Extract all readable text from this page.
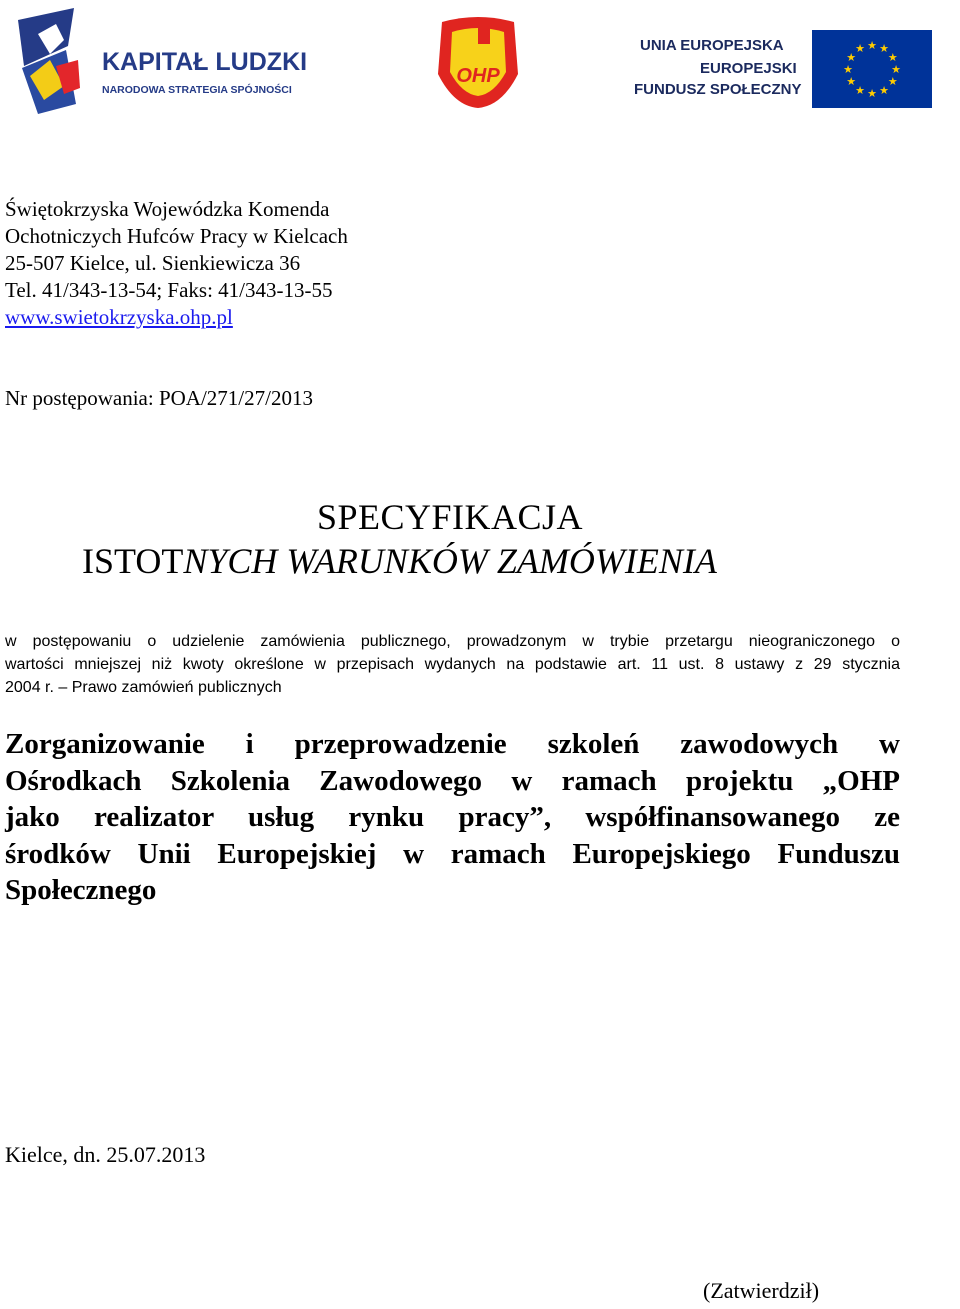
KAPITAŁ LUDZKI
NARODOWA STRATEGIA SPÓJNOŚCI
OHP
UNIA EUROPEJSKA
EUROPEJSKI
FUNDUSZ SPOŁECZNY
★ ★
★
★
★
★
★
★
★
★
★
★
Świętokrzyska Wojewódzka Komenda
Ochotniczych Hufców Pracy w Kielcach
25-507 Kielce, ul. Sienkiewicza 36
Tel. 41/343-13-54; Faks: 41/343-13-55
www.swietokrzyska.ohp.pl
Nr postępowania: POA/271/27/2013
SPECYFIKACJA
ISTOTNYCH WARUNKÓW ZAMÓWIENIA
w postępowaniu o udzielenie zamówienia publicznego, prowadzonym w trybie przetargu nieograniczonego o
wartości mniejszej niż kwoty określone w przepisach wydanych na podstawie art. 11 ust. 8 ustawy z 29 stycznia
2004 r. – Prawo zamówień publicznych
Zorganizowanie i przeprowadzenie szkoleń zawodowych w
Ośrodkach Szkolenia Zawodowego w ramach projektu „OHP
jako realizator usług rynku pracy”, współfinansowanego ze
środków Unii Europejskiej w ramach Europejskiego Funduszu
Społecznego
Kielce, dn. 25.07.2013
(Zatwierdził)
